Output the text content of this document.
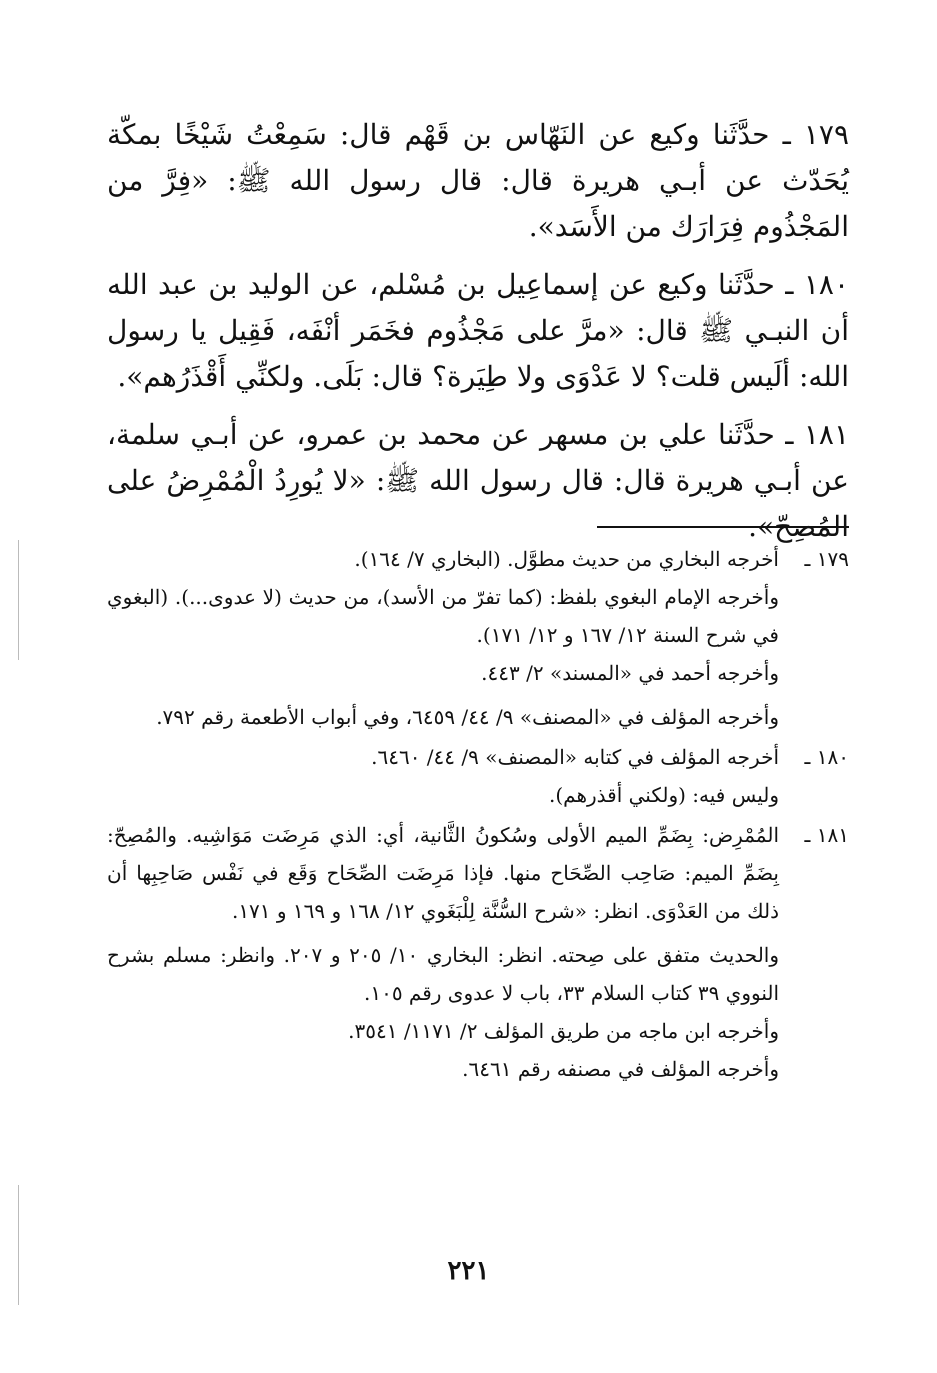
١٧٩ ـ حدَّثَنا وكيع عن النَهّاس بن قَهْم قال: سَمِعْتُ شَيْخًا بمكّة يُحَدّث عن أبـي هريرة قال: قال رسول الله ﷺ: «فِرَّ من المَجْذُوم فِرَارَك من الأَسَد».

١٨٠ ـ حدَّثَنا وكيع عن إسماعِيل بن مُسْلم، عن الوليد بن عبد الله أن النبـي ﷺ قال: «مرَّ على مَجْذُوم فخَمَر أنْفَه، فَقِيل يا رسول الله: ألَيس قلت؟ لا عَدْوَى ولا طِيَرة؟ قال: بَلَى. ولكنِّي أَقْذَرُهم».

١٨١ ـ حدَّثَنا علي بن مسهر عن محمد بن عمرو، عن أبـي سلمة، عن أبـي هريرة قال: قال رسول الله ﷺ: «لا يُورِدُ الْمُمْرِضُ على المُصِحّ».

١٧٩ ـ
أخرجه البخاري من حديث مطوَّل. (البخاري ٧/ ١٦٤).
وأخرجه الإمام البغوي بلفظ: (كما تفرّ من الأسد)، من حديث (لا عدوى...). (البغوي في شرح السنة ١٢/ ١٦٧ و ١٢/ ١٧١).
وأخرجه أحمد في «المسند» ٢/ ٤٤٣.
وأخرجه المؤلف في «المصنف» ٩/ ٤٤/ ٦٤٥٩، وفي أبواب الأطعمة رقم ٧٩٢.
١٨٠ ـ
أخرجه المؤلف في كتابه «المصنف» ٩/ ٤٤/ ٦٤٦٠.
وليس فيه: (ولكني أقذرهم).
١٨١ ـ
المُمْرِض: بِضَمِّ الميم الأولى وسُكونُ الثَّانية، أي: الذي مَرِضَت مَوَاشِيه. والمُصِحّ: بِضَمِّ الميم: صَاحِب الصِّحَاح منها. فإذا مَرِضَت الصِّحَاح وَقَع في نَفْس صَاحِبِها أن ذلك من العَدْوَى. انظر: «شرح السُّنَّة لِلْبَغَوي ١٢/ ١٦٨ و ١٦٩ و ١٧١.
والحديث متفق على صِحته. انظر: البخاري ١٠/ ٢٠٥ و ٢٠٧. وانظر: مسلم بشرح النووي ٣٩ كتاب السلام ٣٣، باب لا عدوى رقم ١٠٥.
وأخرجه ابن ماجه من طريق المؤلف ٢/ ١١٧١/ ٣٥٤١.
وأخرجه المؤلف في مصنفه رقم ٦٤٦١.
٢٢١
